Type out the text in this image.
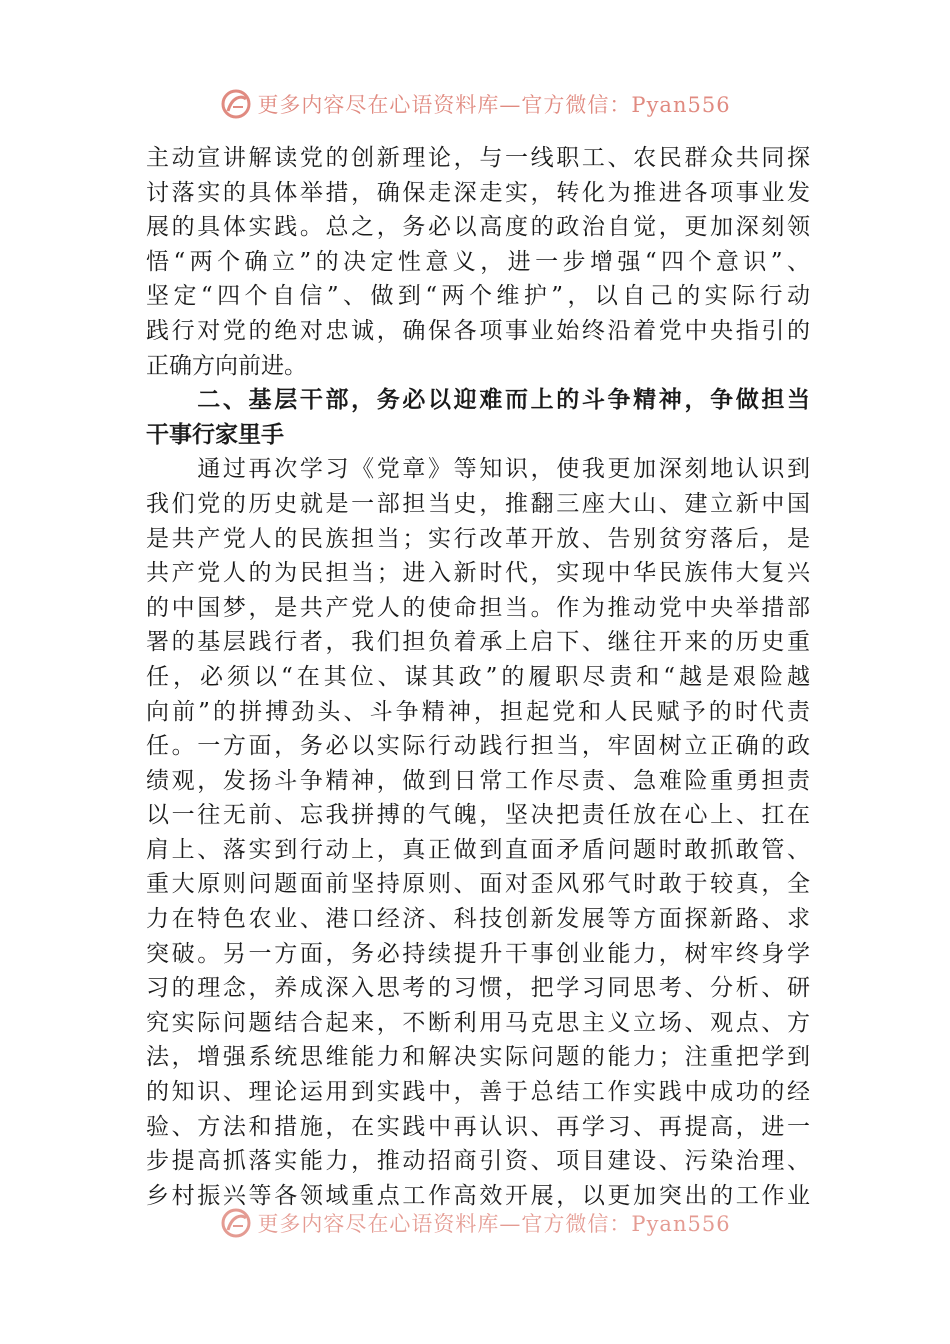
更多内容尽在心语资料库—官方微信：Pyan556
主动宣讲解读党的创新理论，与一线职工、农民群众共同探
讨落实的具体举措，确保走深走实，转化为推进各项事业发
展的具体实践。总之，务必以高度的政治自觉，更加深刻领
悟“两个确立”的决定性意义，进一步增强“四个意识”、
坚定“四个自信”、做到“两个维护”，以自己的实际行动
践行对党的绝对忠诚，确保各项事业始终沿着党中央指引的
正确方向前进。
　　二、基层干部，务必以迎难而上的斗争精神，争做担当
干事行家里手
　　通过再次学习《党章》等知识，使我更加深刻地认识到
我们党的历史就是一部担当史，推翻三座大山、建立新中国
是共产党人的民族担当；实行改革开放、告别贫穷落后，是
共产党人的为民担当；进入新时代，实现中华民族伟大复兴
的中国梦，是共产党人的使命担当。作为推动党中央举措部
署的基层践行者，我们担负着承上启下、继往开来的历史重
任，必须以“在其位、谋其政”的履职尽责和“越是艰险越
向前”的拼搏劲头、斗争精神，担起党和人民赋予的时代责
任。一方面，务必以实际行动践行担当，牢固树立正确的政
绩观，发扬斗争精神，做到日常工作尽责、急难险重勇担责
以一往无前、忘我拼搏的气魄，坚决把责任放在心上、扛在
肩上、落实到行动上，真正做到直面矛盾问题时敢抓敢管、
重大原则问题面前坚持原则、面对歪风邪气时敢于较真，全
力在特色农业、港口经济、科技创新发展等方面探新路、求
突破。另一方面，务必持续提升干事创业能力，树牢终身学
习的理念，养成深入思考的习惯，把学习同思考、分析、研
究实际问题结合起来，不断利用马克思主义立场、观点、方
法，增强系统思维能力和解决实际问题的能力；注重把学到
的知识、理论运用到实践中，善于总结工作实践中成功的经
验、方法和措施，在实践中再认识、再学习、再提高，进一
步提高抓落实能力，推动招商引资、项目建设、污染治理、
乡村振兴等各领域重点工作高效开展，以更加突出的工作业
更多内容尽在心语资料库—官方微信：Pyan556
